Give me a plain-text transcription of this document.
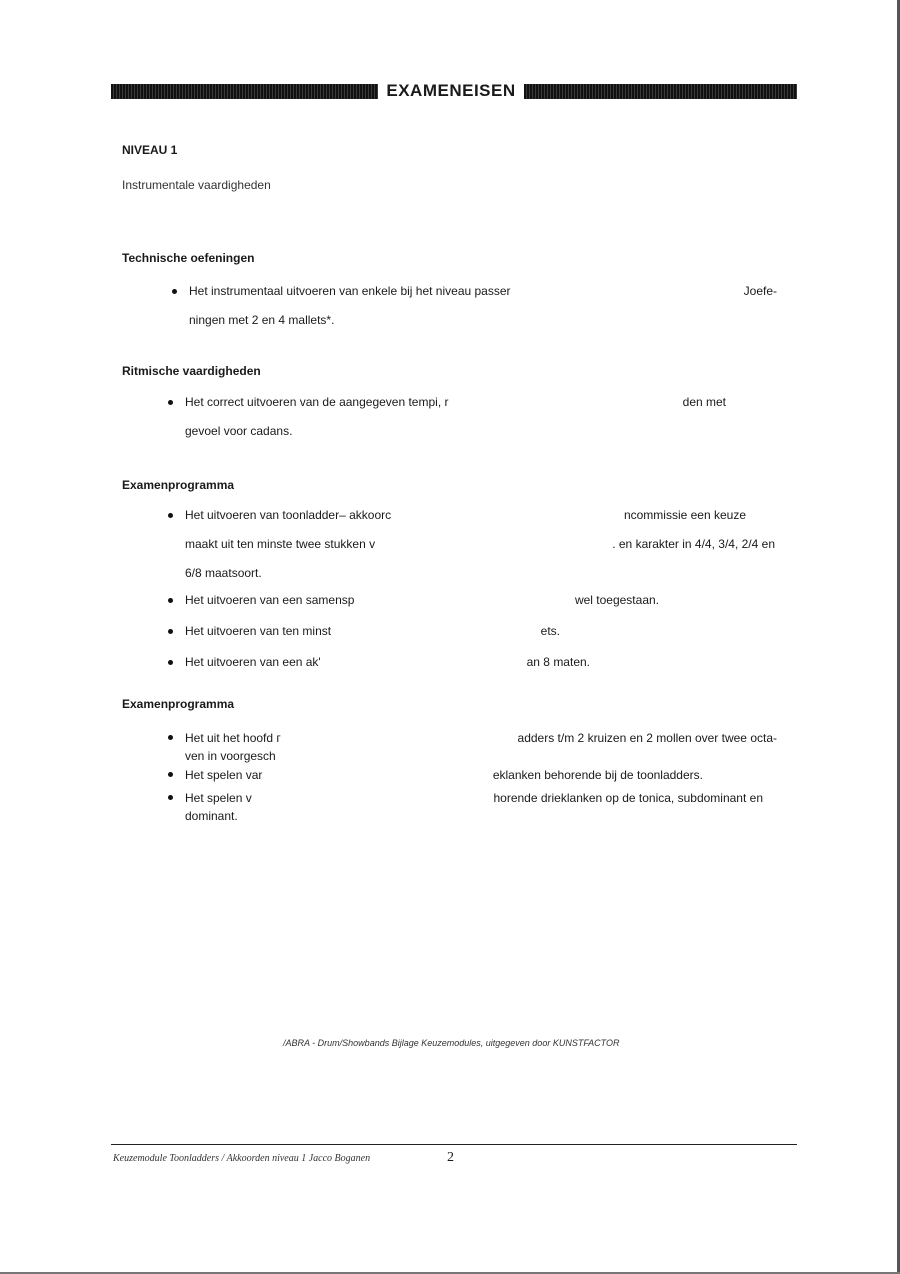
EXAMENEISEN
NIVEAU 1
Instrumentale vaardigheden
Technische oefeningen
Het instrumentaal uitvoeren van enkele bij het niveau passer	Joefe-
ningen met 2 en 4 mallets*.
Ritmische vaardigheden
Het correct uitvoeren van de aangegeven tempi, r	den met
gevoel voor cadans.
Examenprogramma
Het uitvoeren van toonladder– akkoorc	ncommissie een keuze
maakt uit ten minste twee stukken v	. en karakter in 4/4, 3/4, 2/4 en
6/8 maatsoort.
Het uitvoeren van een samensр	wel toegestaan.
Het uitvoeren van ten minst	ets.
Het uitvoeren van een ak'	an 8 maten.
Examenprogramma
Het uit het hoofd г	adders t/m 2 kruizen en 2 mollen over twee octa-
ven in voorgesch
Het spelen var	eklanken behorende bij de toonladders.
Het spelen v	horende drieklanken op de tonica, subdominant en
dominant.
/ABRA - Drum/Showbands Bijlage Keuzemodules, uitgegeven door KUNSTFACTOR
Keuzemodule Toonladders / Akkoorden niveau 1 Jacco Boganen	2
